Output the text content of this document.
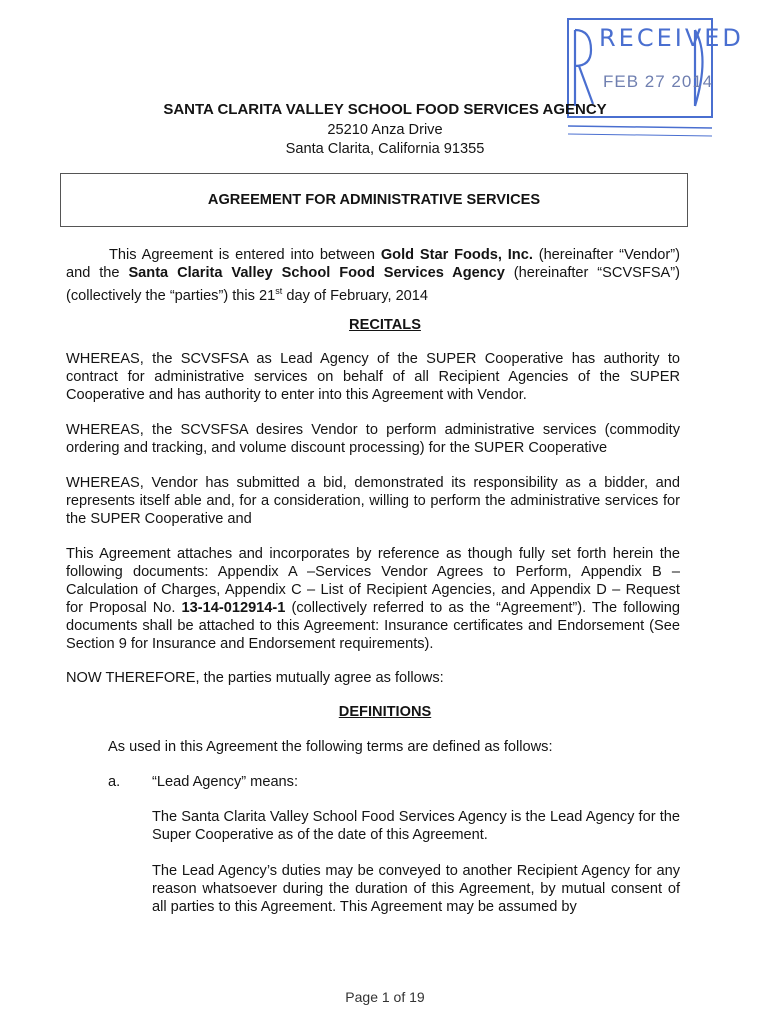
RECEIVED
FEB 27 2014
SANTA CLARITA VALLEY SCHOOL FOOD SERVICES AGENCY
25210 Anza Drive
Santa Clarita, California 91355
AGREEMENT FOR ADMINISTRATIVE SERVICES

This Agreement is entered into between Gold Star Foods, Inc. (hereinafter “Vendor”) and the Santa Clarita Valley School Food Services Agency (hereinafter “SCVSFSA”) (collectively the “parties”) this 21st day of February, 2014

RECITALS

WHEREAS, the SCVSFSA as Lead Agency of the SUPER Cooperative has authority to contract for administrative services on behalf of all Recipient Agencies of the SUPER Cooperative and has authority to enter into this Agreement with Vendor.

WHEREAS, the SCVSFSA desires Vendor to perform administrative services (commodity ordering and tracking, and volume discount processing) for the SUPER Cooperative

WHEREAS, Vendor has submitted a bid, demonstrated its responsibility as a bidder, and represents itself able and, for a consideration, willing to perform the administrative services for the SUPER Cooperative and

This Agreement attaches and incorporates by reference as though fully set forth herein the following documents: Appendix A –Services Vendor Agrees to Perform, Appendix B – Calculation of Charges, Appendix C – List of Recipient Agencies, and Appendix D – Request for Proposal No. 13-14-012914-1 (collectively referred to as the “Agreement”). The following documents shall be attached to this Agreement: Insurance certificates and Endorsement (See Section 9 for Insurance and Endorsement requirements).

NOW THEREFORE, the parties mutually agree as follows:

DEFINITIONS

As used in this Agreement the following terms are defined as follows:

a. “Lead Agency” means:

The Santa Clarita Valley School Food Services Agency is the Lead Agency for the Super Cooperative as of the date of this Agreement.

The Lead Agency’s duties may be conveyed to another Recipient Agency for any reason whatsoever during the duration of this Agreement, by mutual consent of all parties to this Agreement. This Agreement may be assumed by

Page 1 of 19
